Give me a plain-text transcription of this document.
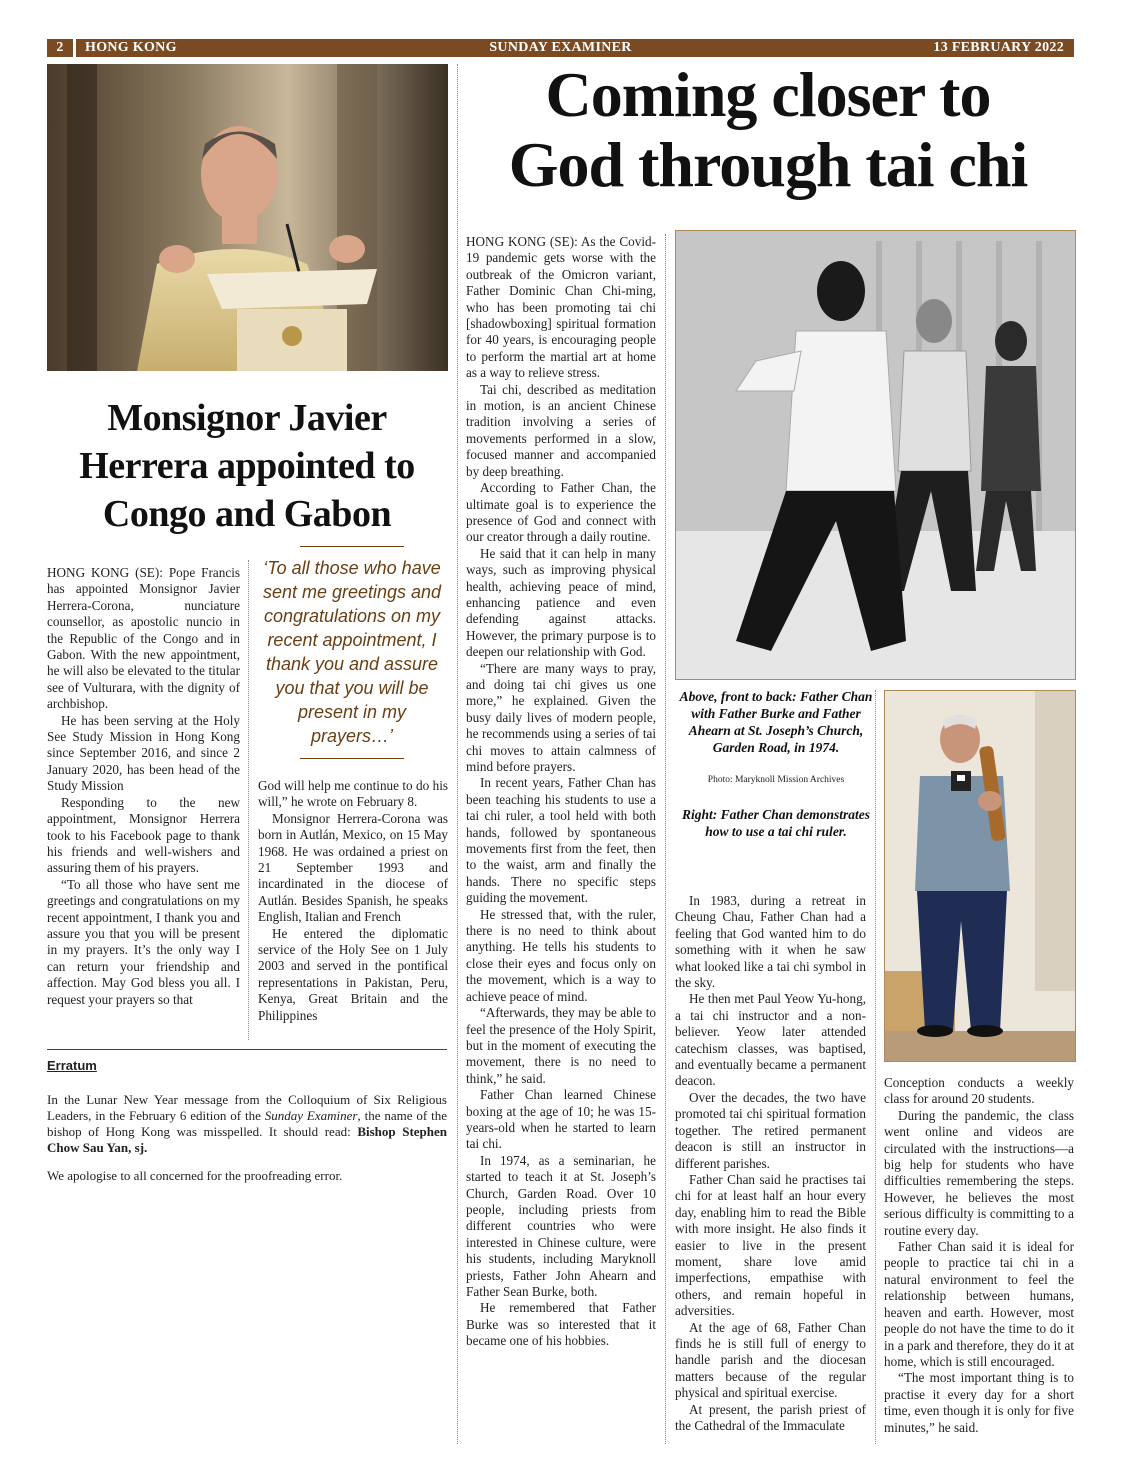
2	HONG KONG	SUNDAY EXAMINER	13 FEBRUARY 2022
Monsignor Javier
Herrera appointed to
Congo and Gabon

HONG KONG (SE): Pope Francis has appointed Monsignor Javier Herrera-Corona, nunciature counsellor, as apostolic nuncio in the Republic of the Congo and in Gabon. With the new appointment, he will also be elevated to the titular see of Vulturara, with the dignity of archbishop.

He has been serving at the Holy See Study Mission in Hong Kong since September 2016, and since 2 January 2020, has been head of the Study Mission

Responding to the new appointment, Monsignor Herrera took to his Facebook page to thank his friends and well-wishers and assuring them of his prayers.

“To all those who have sent me greetings and congratulations on my recent appointment, I thank you and assure you that you will be present in my prayers. It’s the only way I can return your friendship and affection. May God bless you all. I request your prayers so that

‘To all those who have sent me greetings and congratulations on my recent appointment, I thank you and assure you that you will be present in my prayers…’

God will help me continue to do his will,” he wrote on February 8.

Monsignor Herrera-Corona was born in Autlán, Mexico, on 15 May 1968. He was ordained a priest on 21 September 1993 and incardinated in the diocese of Autlán. Besides Spanish, he speaks English, Italian and French

He entered the diplomatic service of the Holy See on 1 July 2003 and served in the pontifical representations in Pakistan, Peru, Kenya, Great Britain and the Philippines

Erratum

In the Lunar New Year message from the Colloquium of Six Religious Leaders, in the February 6 edition of the Sunday Examiner, the name of the bishop of Hong Kong was misspelled. It should read: Bishop Stephen Chow Sau Yan, sj.

We apologise to all concerned for the proofreading error.

Coming closer to
God through tai chi

HONG KONG (SE): As the Covid-19 pandemic gets worse with the outbreak of the Omicron variant, Father Dominic Chan Chi-ming, who has been promoting tai chi [shadowboxing] spiritual formation for 40 years, is encouraging people to perform the martial art at home as a way to relieve stress.

Tai chi, described as meditation in motion, is an ancient Chinese tradition involving a series of movements performed in a slow, focused manner and accompanied by deep breathing.

According to Father Chan, the ultimate goal is to experience the presence of God and connect with our creator through a daily routine.

He said that it can help in many ways, such as improving physical health, achieving peace of mind, enhancing patience and even defending against attacks. However, the primary purpose is to deepen our relationship with God.

“There are many ways to pray, and doing tai chi gives us one more,” he explained. Given the busy daily lives of modern people, he recommends using a series of tai chi moves to attain calmness of mind before prayers.

In recent years, Father Chan has been teaching his students to use a tai chi ruler, a tool held with both hands, followed by spontaneous movements first from the feet, then to the waist, arm and finally the hands. There no specific steps guiding the movement.

He stressed that, with the ruler, there is no need to think about anything. He tells his students to close their eyes and focus only on the movement, which is a way to achieve peace of mind.

“Afterwards, they may be able to feel the presence of the Holy Spirit, but in the moment of executing the movement, there is no need to think,” he said.

Father Chan learned Chinese boxing at the age of 10; he was 15-years-old when he started to learn tai chi.

In 1974, as a seminarian, he started to teach it at St. Joseph’s Church, Garden Road. Over 10 people, including priests from different countries who were interested in Chinese culture, were his students, including Maryknoll priests, Father John Ahearn and Father Sean Burke, both.

He remembered that Father Burke was so interested that it became one of his hobbies.

Above, front to back: Father Chan with Father Burke and Father Ahearn at St. Joseph’s Church, Garden Road, in 1974.
Photo: Maryknoll Mission Archives
Right: Father Chan demonstrates how to use a tai chi ruler.

In 1983, during a retreat in Cheung Chau, Father Chan had a feeling that God wanted him to do something with it when he saw what looked like a tai chi symbol in the sky.

He then met Paul Yeow Yu-hong, a tai chi instructor and a non-believer. Yeow later attended catechism classes, was baptised, and eventually became a permanent deacon.

Over the decades, the two have promoted tai chi spiritual formation together. The retired permanent deacon is still an instructor in different parishes.

Father Chan said he practises tai chi for at least half an hour every day, enabling him to read the Bible with more insight. He also finds it easier to live in the present moment, share love amid imperfections, empathise with others, and remain hopeful in adversities.

At the age of 68, Father Chan finds he is still full of energy to handle parish and the diocesan matters because of the regular physical and spiritual exercise.

At present, the parish priest of the Cathedral of the Immaculate

Conception conducts a weekly class for around 20 students.

During the pandemic, the class went online and videos are circulated with the instructions—a big help for students who have difficulties remembering the steps. However, he believes the most serious difficulty is committing to a routine every day.

Father Chan said it is ideal for people to practice tai chi in a natural environment to feel the relationship between humans, heaven and earth. However, most people do not have the time to do it in a park and therefore, they do it at home, which is still encouraged.

“The most important thing is to practise it every day for a short time, even though it is only for five minutes,” he said.
